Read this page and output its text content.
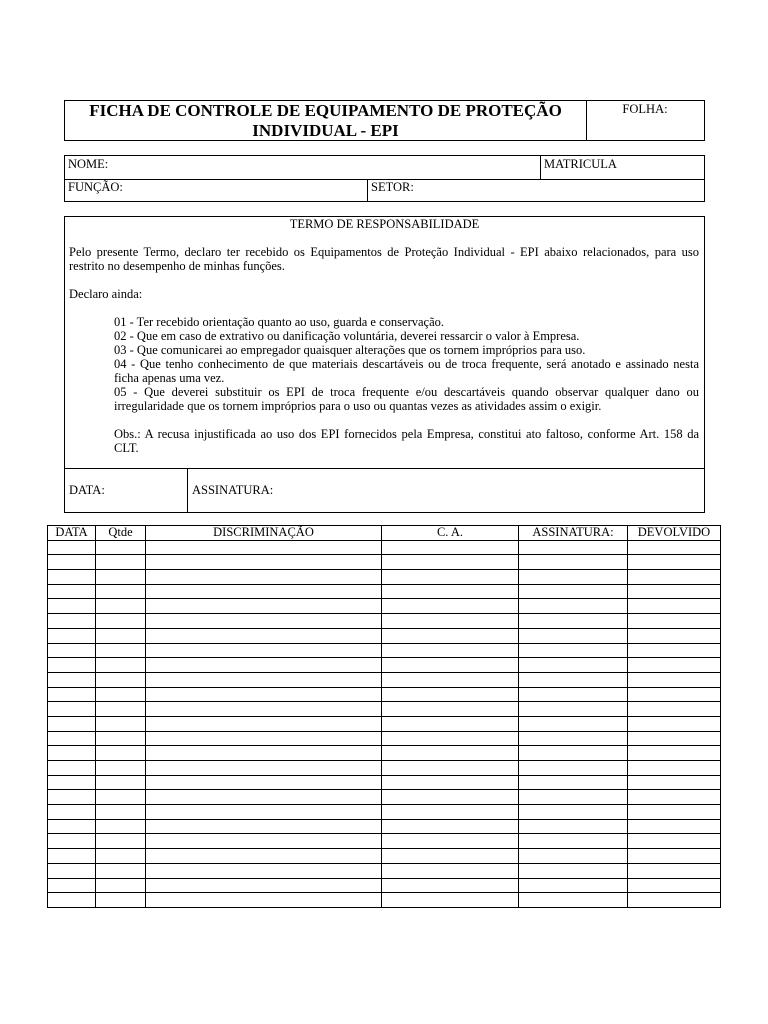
FICHA DE CONTROLE DE EQUIPAMENTO DE PROTEÇÃO
INDIVIDUAL - EPI
FOLHA:
NOME:	MATRICULA
FUNÇÃO:	SETOR:
TERMO DE RESPONSABILIDADE
Pelo presente Termo, declaro ter recebido os Equipamentos de Proteção Individual - EPI abaixo relacionados, para uso restrito no desempenho de minhas funções.
Declaro ainda:
01 - Ter recebido orientação quanto ao uso, guarda e conservação.
02 - Que em caso de extrativo ou danificação voluntária, deverei ressarcir o valor à Empresa.
03 - Que comunicarei ao empregador quaisquer alterações que os tornem impróprios para uso.
04 - Que tenho conhecimento de que materiais descartáveis ou de troca frequente, será anotado e assinado nesta ficha apenas uma vez.
05 - Que deverei substituir os EPI de troca frequente e/ou descartáveis quando observar qualquer dano ou irregularidade que os tornem impróprios para o uso ou quantas vezes as atividades assim o exigir.
Obs.: A recusa injustificada ao uso dos EPI fornecidos pela Empresa, constitui ato faltoso, conforme Art. 158 da CLT.
DATA:	ASSINATURA:
DATA	Qtde	DISCRIMINAÇÃO	C. A.	ASSINATURA:	DEVOLVIDO
